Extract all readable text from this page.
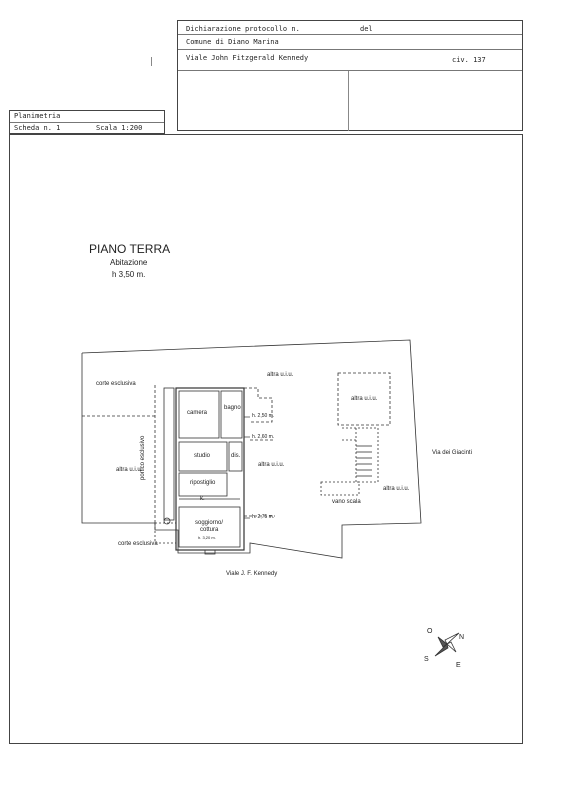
Dichiarazione protocollo n.	del
Comune di Diano Marina
Viale John Fitzgerald Kennedy	civ. 137
Planimetria
Scheda n. 1	Scala 1:200
PIANO TERRA
Abitazione
h 3,50 m.
corte esclusiva
altra u.i.u.
altra u.i.u.
camera
bagno
h. 2,50 m.
h. 2,60 m.
studio	dis.
altra u.i.u.
altra u.i.u.
Via dei Giacinti
ripostiglio
vano scala
altra u.i.u.
k.
h. 2,75 m.
soggiorno/
cottura
h. 3,20 m.
corte esclusiva
Viale J. F. Kennedy
portico esclusivo
O
N
S
E
